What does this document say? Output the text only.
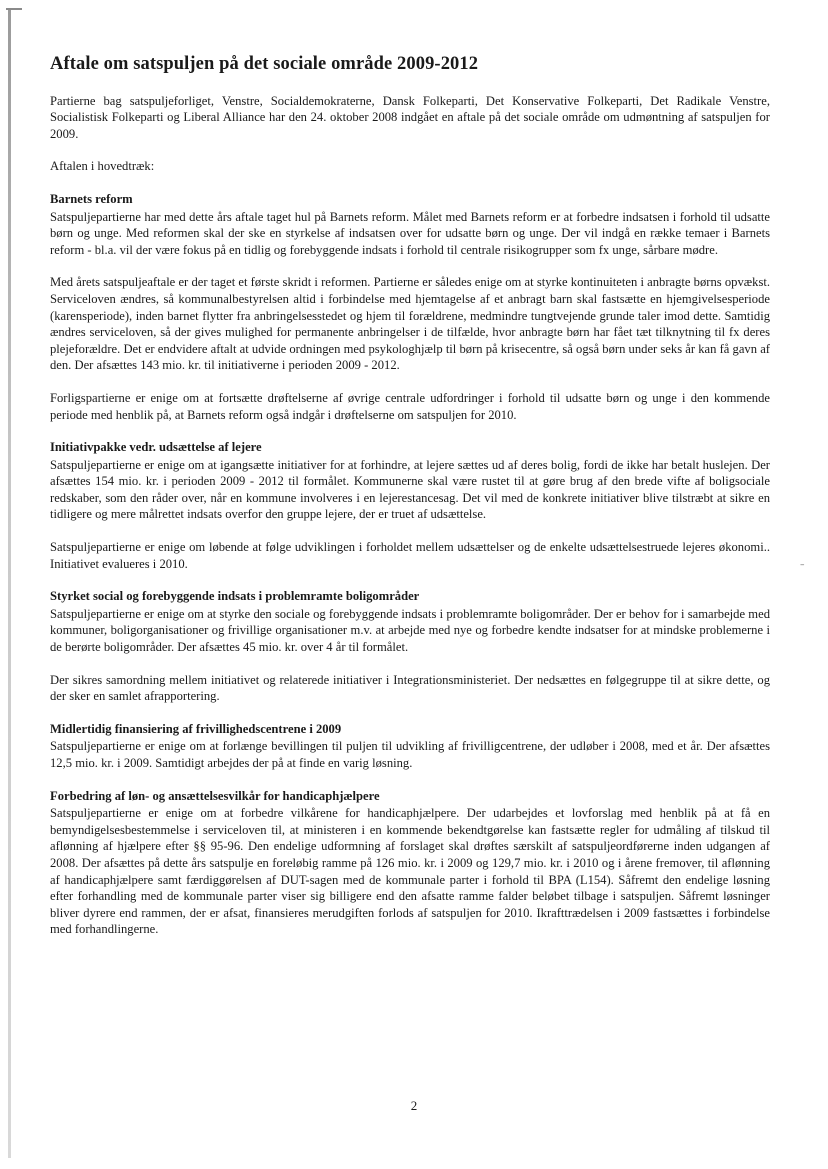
–
Aftale om satspuljen på det sociale område 2009-2012

Partierne bag satspuljeforliget, Venstre, Socialdemokraterne, Dansk Folkeparti, Det Konservative Folkeparti, Det Radikale Venstre, Socialistisk Folkeparti og Liberal Alliance har den 24. oktober 2008 indgået en aftale på det sociale område om udmøntning af satspuljen for 2009.

Aftalen i hovedtræk:

Barnets reform

Satspuljepartierne har med dette års aftale taget hul på Barnets reform. Målet med Barnets reform er at forbedre indsatsen i forhold til udsatte børn og unge. Med reformen skal der ske en styrkelse af indsatsen over for udsatte børn og unge. Der vil indgå en række temaer i Barnets reform - bl.a. vil der være fokus på en tidlig og forebyggende indsats i forhold til centrale risikogrupper som fx unge, sårbare mødre.

Med årets satspuljeaftale er der taget et første skridt i reformen. Partierne er således enige om at styrke kontinuiteten i anbragte børns opvækst. Serviceloven ændres, så kommunalbestyrelsen altid i forbindelse med hjemtagelse af et anbragt barn skal fastsætte en hjemgivelsesperiode (karensperiode), inden barnet flytter fra anbringelsesstedet og hjem til forældrene, medmindre tungtvejende grunde taler imod dette. Samtidig ændres serviceloven, så der gives mulighed for permanente anbringelser i de tilfælde, hvor anbragte børn har fået tæt tilknytning til fx deres plejeforældre. Det er endvidere aftalt at udvide ordningen med psykologhjælp til børn på krisecentre, så også børn under seks år kan få gavn af den. Der afsættes 143 mio. kr. til initiativerne i perioden 2009 - 2012.

Forligspartierne er enige om at fortsætte drøftelserne af øvrige centrale udfordringer i forhold til udsatte børn og unge i den kommende periode med henblik på, at Barnets reform også indgår i drøftelserne om satspuljen for 2010.

Initiativpakke vedr. udsættelse af lejere

Satspuljepartierne er enige om at igangsætte initiativer for at forhindre, at lejere sættes ud af deres bolig, fordi de ikke har betalt huslejen. Der afsættes 154 mio. kr. i perioden 2009 - 2012 til formålet. Kommunerne skal være rustet til at gøre brug af den brede vifte af boligsociale redskaber, som den råder over, når en kommune involveres i en lejerestancesag. Det vil med de konkrete initiativer blive tilstræbt at sikre en tidligere og mere målrettet indsats overfor den gruppe lejere, der er truet af udsættelse.

Satspuljepartierne er enige om løbende at følge udviklingen i forholdet mellem udsættelser og de enkelte udsættelsestruede lejeres økonomi.. Initiativet evalueres i 2010.

Styrket social og forebyggende indsats i problemramte boligområder

Satspuljepartierne er enige om at styrke den sociale og forebyggende indsats i problemramte boligområder. Der er behov for i samarbejde med kommuner, boligorganisationer og frivillige organisationer m.v. at arbejde med nye og forbedre kendte indsatser for at mindske problemerne i de berørte boligområder. Der afsættes 45 mio. kr. over 4 år til formålet.

Der sikres samordning mellem initiativet og relaterede initiativer i Integrationsministeriet. Der nedsættes en følgegruppe til at sikre dette, og der sker en samlet afrapportering.

Midlertidig finansiering af frivillighedscentrene i 2009

Satspuljepartierne er enige om at forlænge bevillingen til puljen til udvikling af frivilligcentrene, der udløber i 2008, med et år. Der afsættes 12,5 mio. kr. i 2009. Samtidigt arbejdes der på at finde en varig løsning.

Forbedring af løn- og ansættelsesvilkår for handicaphjælpere

Satspuljepartierne er enige om at forbedre vilkårene for handicaphjælpere. Der udarbejdes et lovforslag med henblik på at få en bemyndigelsesbestemmelse i serviceloven til, at ministeren i en kommende bekendtgørelse kan fastsætte regler for udmåling af tilskud til aflønning af hjælpere efter §§ 95-96. Den endelige udformning af forslaget skal drøftes særskilt af satspuljeordførerne inden udgangen af 2008. Der afsættes på dette års satspulje en foreløbig ramme på 126 mio. kr. i 2009 og 129,7 mio. kr. i 2010 og i årene fremover, til aflønning af handicaphjælpere samt færdiggørelsen af DUT-sagen med de kommunale parter i forhold til BPA (L154). Såfremt den endelige løsning efter forhandling med de kommunale parter viser sig billigere end den afsatte ramme falder beløbet tilbage i satspuljen. Såfremt løsninger bliver dyrere end rammen, der er afsat, finansieres merudgiften forlods af satspuljen for 2010. Ikrafttrædelsen i 2009 fastsættes i forbindelse med forhandlingerne.

2
